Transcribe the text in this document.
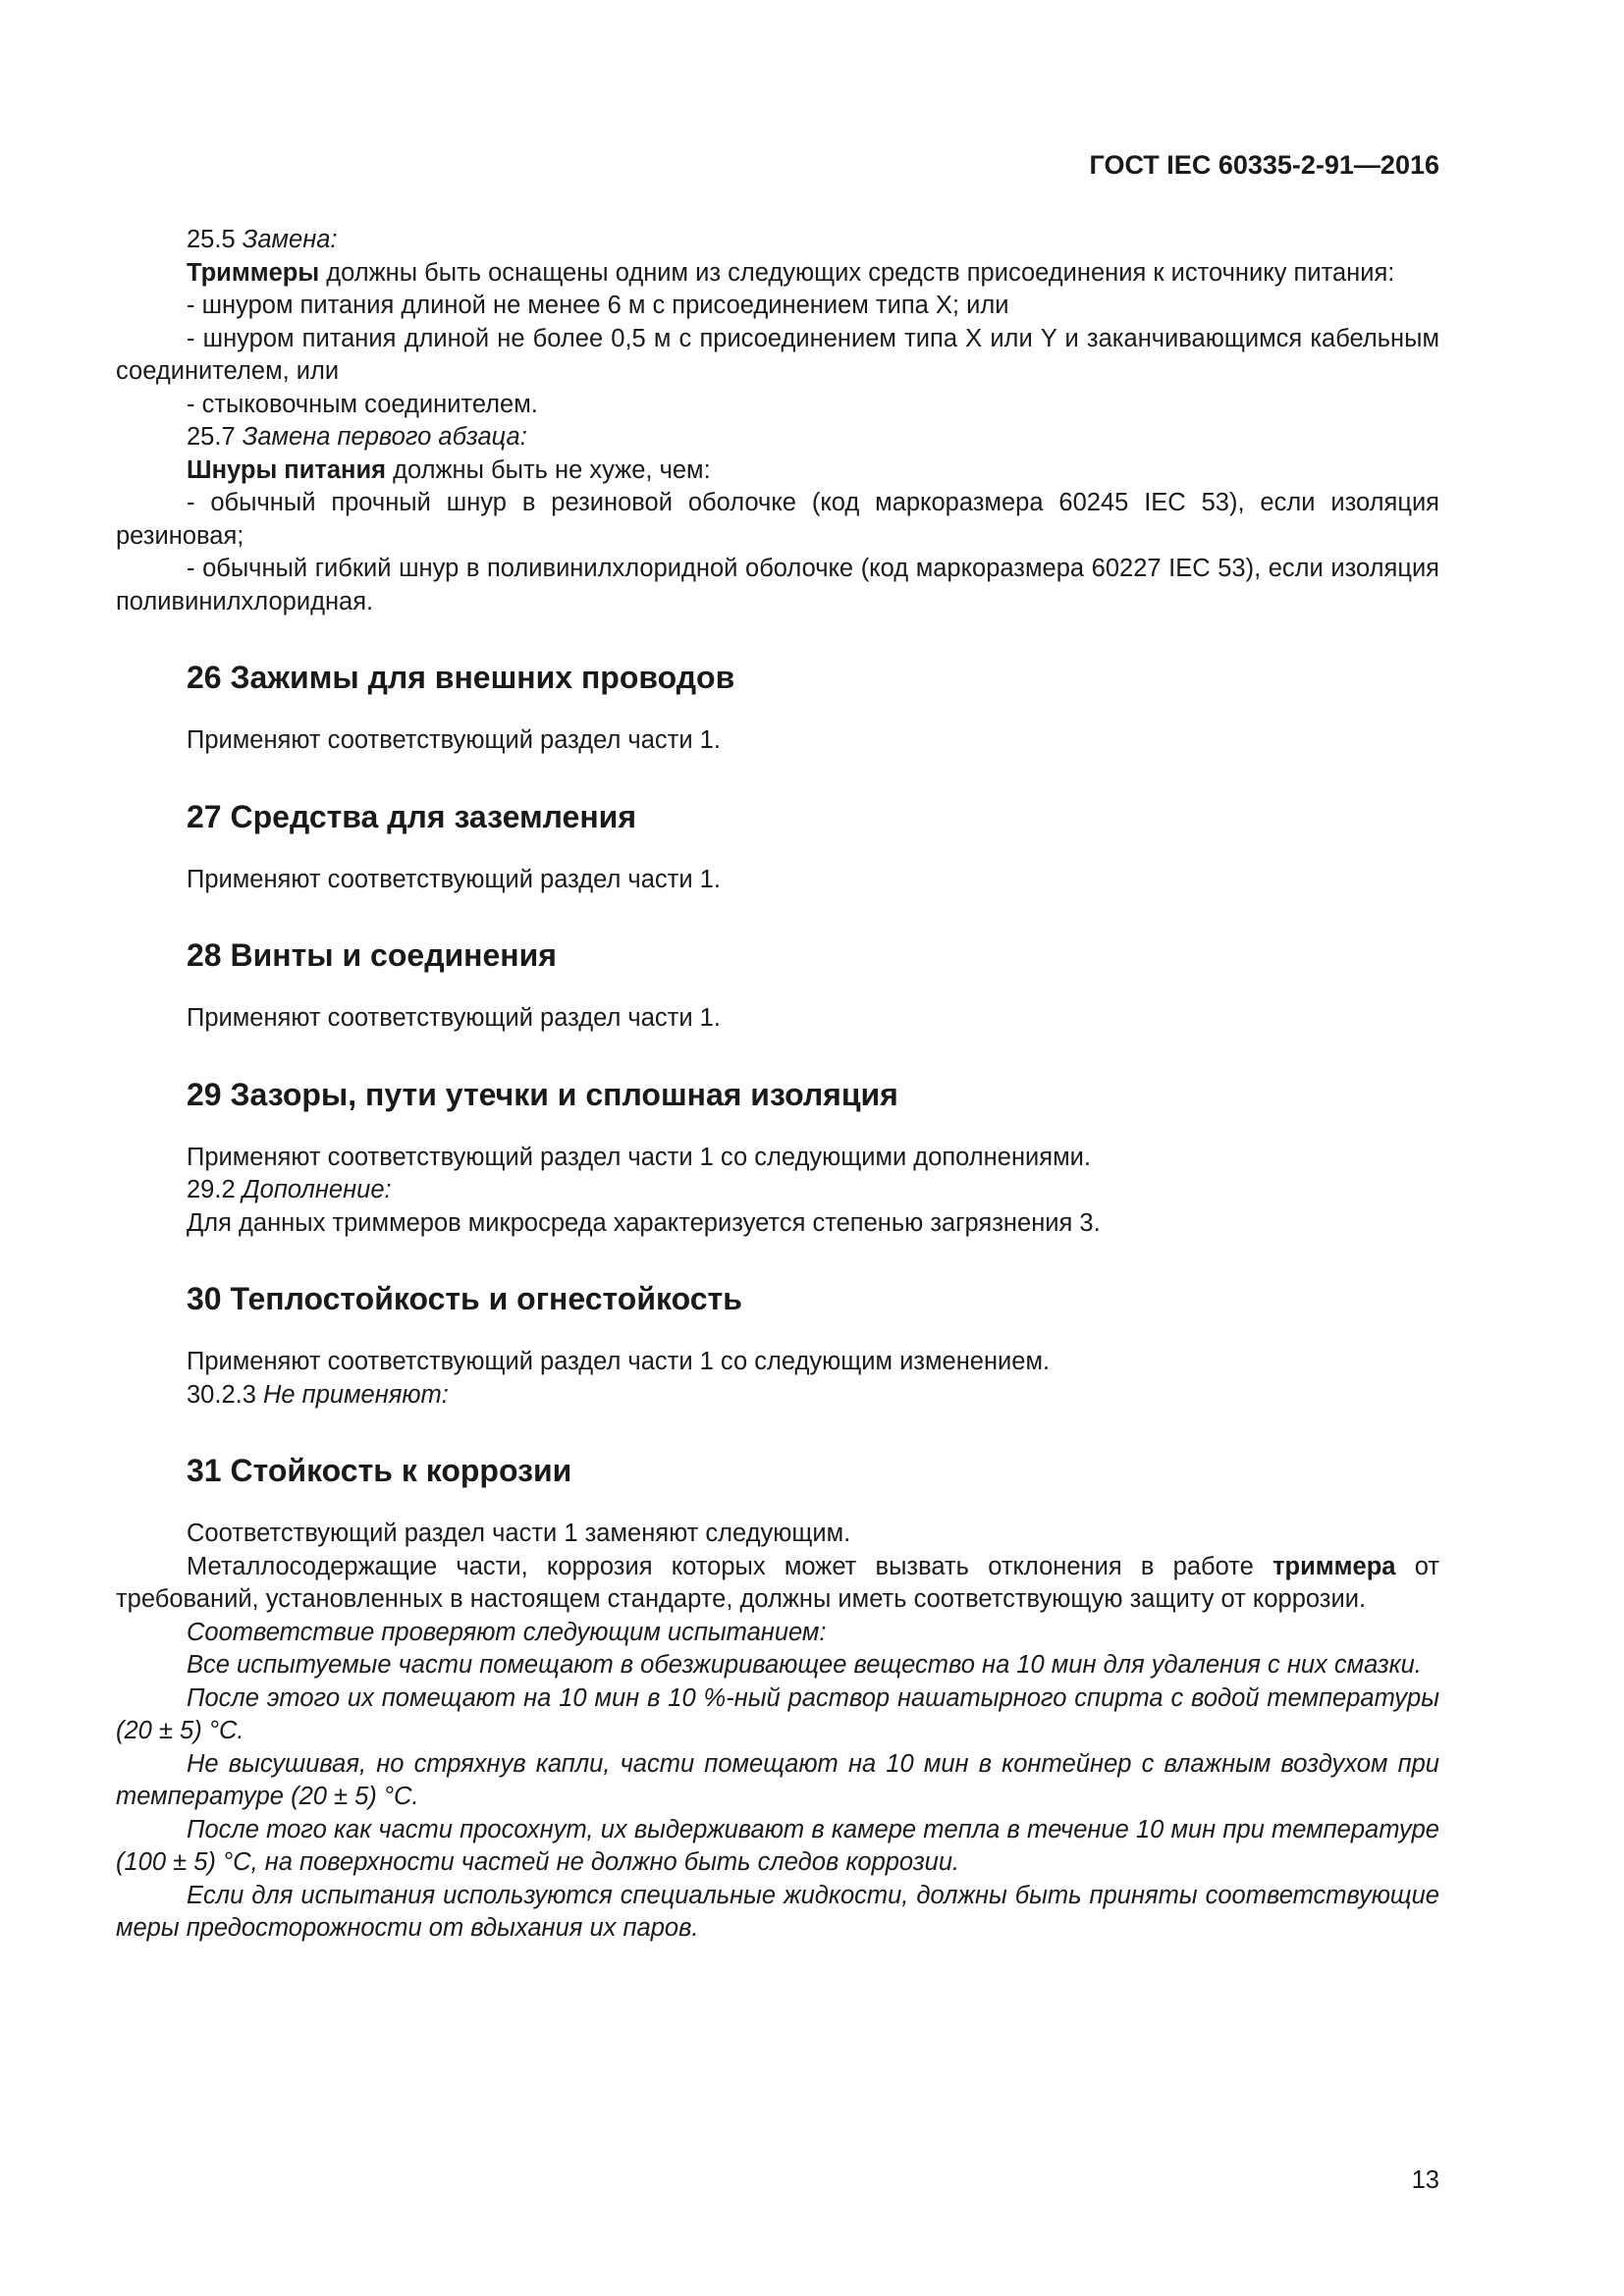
ГОСТ IEC 60335-2-91—2016

25.5 Замена:

Триммеры должны быть оснащены одним из следующих средств присоединения к источнику питания:

- шнуром питания длиной не менее 6 м с присоединением типа X; или

- шнуром питания длиной не более 0,5 м с присоединением типа X или Y и заканчивающимся кабельным соединителем, или

- стыковочным соединителем.

25.7 Замена первого абзаца:

Шнуры питания должны быть не хуже, чем:

- обычный прочный шнур в резиновой оболочке (код маркоразмера 60245 IEC 53), если изоляция резиновая;

- обычный гибкий шнур в поливинилхлоридной оболочке (код маркоразмера 60227 IEC 53), если изоляция поливинилхлоридная.

26 Зажимы для внешних проводов

Применяют соответствующий раздел части 1.

27 Средства для заземления

Применяют соответствующий раздел части 1.

28 Винты и соединения

Применяют соответствующий раздел части 1.

29 Зазоры, пути утечки и сплошная изоляция

Применяют соответствующий раздел части 1 со следующими дополнениями.

29.2 Дополнение:

Для данных триммеров микросреда характеризуется степенью загрязнения 3.

30 Теплостойкость и огнестойкость

Применяют соответствующий раздел части 1 со следующим изменением.

30.2.3 Не применяют:

31 Стойкость к коррозии

Соответствующий раздел части 1 заменяют следующим.

Металлосодержащие части, коррозия которых может вызвать отклонения в работе триммера от требований, установленных в настоящем стандарте, должны иметь соответствующую защиту от коррозии.

Соответствие проверяют следующим испытанием:

Все испытуемые части помещают в обезжиривающее вещество на 10 мин для удаления с них смазки.

После этого их помещают на 10 мин в 10 %-ный раствор нашатырного спирта с водой температуры (20 ± 5) °С.

Не высушивая, но стряхнув капли, части помещают на 10 мин в контейнер с влажным воздухом при температуре (20 ± 5) °С.

После того как части просохнут, их выдерживают в камере тепла в течение 10 мин при температуре (100 ± 5) °С, на поверхности частей не должно быть следов коррозии.

Если для испытания используются специальные жидкости, должны быть приняты соответствующие меры предосторожности от вдыхания их паров.

13
